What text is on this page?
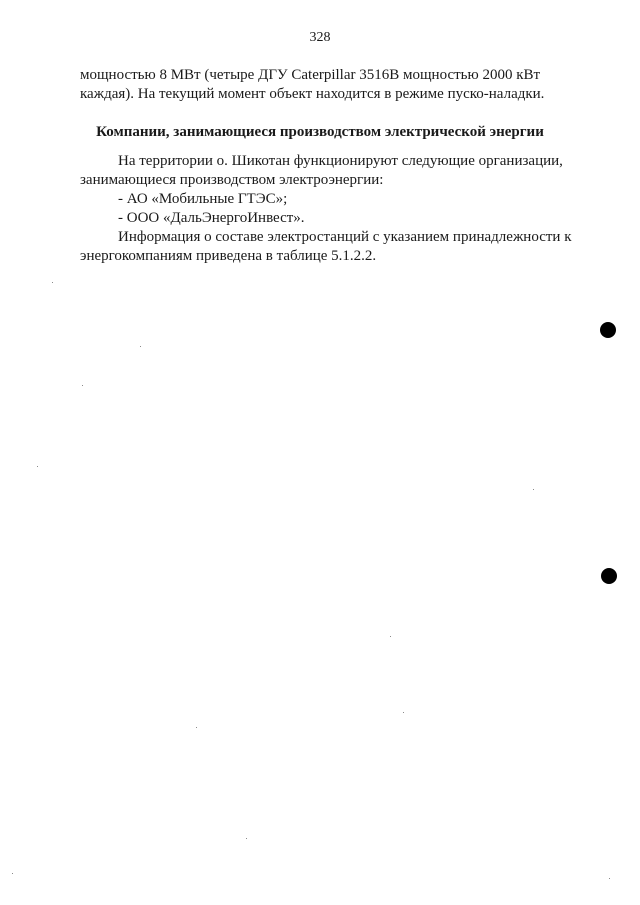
328
мощностью 8 МВт (четыре ДГУ Caterpillar 3516В мощностью 2000 кВт
каждая). На текущий момент объект находится в режиме пуско-наладки.
Компании, занимающиеся производством электрической энергии
На территории о. Шикотан функционируют следующие организации,
занимающиеся производством электроэнергии:
- АО «Мобильные ГТЭС»;
- ООО «ДальЭнергоИнвест».
Информация о составе электростанций с указанием принадлежности к
энергокомпаниям приведена в таблице 5.1.2.2.
